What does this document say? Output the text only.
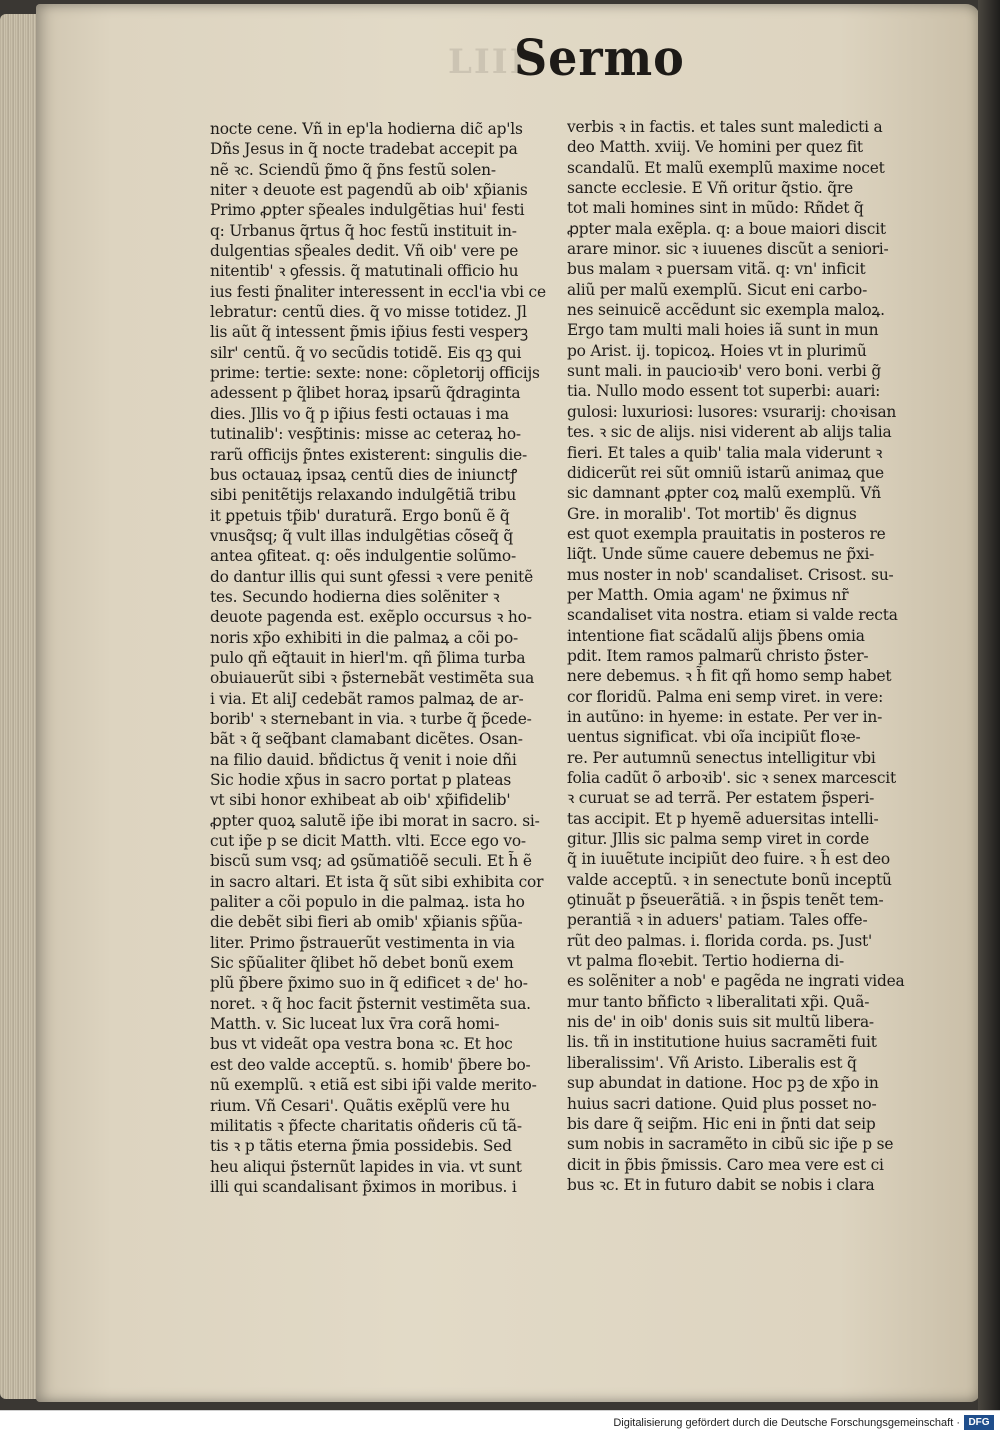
LIII
Sermo
nocte cene. Vñ in ep'la hodierna dic̃ ap'ls
Dñs Jesus in q̃ nocte tradebat accepit pa
nẽ ꝛc. Sciendũ p̃mo q̃ p̃ns festũ solen-
niter ꝛ deuote est pagendũ ab oib' xp̃ianis
Primo ꝓpter sp̃eales indulgẽtias hui' festi
q: Urbanus q̃rtus q̃ hoc festũ instituit in-
dulgentias sp̃eales dedit. Vñ oib' vere pe
nitentib' ꝛ ꝯfessis. q̃ matutinali officio hu
ius festi p̃naliter interessent in eccl'ia vbi ce
lebratur: centũ dies. q̃ vo misse totidez. Jl
lis aũt q̃ intessent p̃mis ip̃ius festi vesperꝫ
silr' centũ. q̃ vo secũdis totidẽ. Eis qꝫ qui
prime: tertie: sexte: none: cõpletorij officijs
adessent p q̃libet horaꝝ ipsarũ q̃draginta
dies. Jllis vo q̃ p ip̃ius festi octauas i ma
tutinalib': vesp̃tinis: misse ac ceteraꝝ ho-
rarũ officijs p̃ntes existerent: singulis die-
bus octauaꝝ ipsaꝝ centũ dies de iniunctꝭ
sibi penitẽtijs relaxando indulgẽtiã tribu
it ꝑpetuis tp̃ib' duraturã. Ergo bonũ ẽ q̃
vnusq̃sq; q̃ vult illas indulgẽtias cõseq̃ q̃
antea ꝯfiteat. q: oẽs indulgentie solũmo-
do dantur illis qui sunt ꝯfessi ꝛ vere penitẽ
tes. Secundo hodierna dies solẽniter ꝛ
deuote pagenda est. exẽplo occursus ꝛ ho-
noris xp̃o exhibiti in die palmaꝝ a cõi po-
pulo qñ eq̃tauit in hierl'm. qñ p̃lima turba
obuiauerũt sibi ꝛ p̃sternebãt vestimẽta sua
i via. Et aliJ cedebãt ramos palmaꝝ de ar-
borib' ꝛ sternebant in via. ꝛ turbe q̃ p̃cede-
bãt ꝛ q̃ seq̃bant clamabant dicẽtes. Osan-
na filio dauid. bñdictus q̃ venit i noie dñi
Sic hodie xp̃us in sacro portat p plateas
vt sibi honor exhibeat ab oib' xp̃ifidelib'
ꝓpter quoꝝ salutẽ ip̃e ibi morat in sacro. si-
cut ip̃e p se dicit Matth. vlti. Ecce ego vo-
biscũ sum vsq; ad ꝯsũmatiõẽ seculi. Et h̃ ẽ
in sacro altari. Et ista q̃ sũt sibi exhibita cor
paliter a cõi populo in die palmaꝝ. ista ho
die debẽt sibi fieri ab omib' xp̃ianis sp̃ũa-
liter. Primo p̃strauerũt vestimenta in via
Sic sp̃ũaliter q̃libet hõ debet bonũ exem
plũ p̃bere p̃ximo suo in q̃ edificet ꝛ de' ho-
noret. ꝛ q̃ hoc facit p̃sternit vestimẽta sua.
Matth. v. Sic luceat lux v̄ra corã homi-
bus vt videãt opa vestra bona ꝛc. Et hoc
est deo valde acceptũ. s. homib' p̃bere bo-
nũ exemplũ. ꝛ etiã est sibi ip̃i valde merito-
rium. Vñ Cesari'. Quãtis exẽplũ vere hu
militatis ꝛ p̃fecte charitatis oñderis cũ tã-
tis ꝛ p tãtis eterna p̃mia possidebis. Sed
heu aliqui p̃sternũt lapides in via. vt sunt
illi qui scandalisant p̃ximos in moribus. i
verbis ꝛ in factis. et tales sunt maledicti a
deo Matth. xviij. Ve homini per quez fit
scandalũ. Et malũ exemplũ maxime nocet
sancte ecclesie. E Vñ oritur q̃stio. q̃re
tot mali homines sint in mũdo: Rñdet q̃
ꝓpter mala exẽpla. q: a boue maiori discit
arare minor. sic ꝛ iuuenes discũt a seniori-
bus malam ꝛ puersam vitã. q: vn' inficit
aliũ per malũ exemplũ. Sicut eni carbo-
nes seinuicẽ accẽdunt sic exempla maloꝝ.
Ergo tam multi mali hoies iã sunt in mun
po Arist. ij. topicoꝝ. Hoies vt in plurimũ
sunt mali. in paucioꝛib' vero boni. verbi g̃
tia. Nullo modo essent tot superbi: auari:
gulosi: luxuriosi: lusores: vsurarij: choꝛisan
tes. ꝛ sic de alijs. nisi viderent ab alijs talia
fieri. Et tales a quib' talia mala viderunt ꝛ
didicerũt rei sũt omniũ istarũ animaꝝ que
sic damnant ꝓpter coꝝ malũ exemplũ. Vñ
Gre. in moralib'. Tot mortib' ẽs dignus
est quot exempla prauitatis in posteros re
liq̃t. Unde sũme cauere debemus ne p̃xi-
mus noster in nob' scandaliset. Crisost. su-
per Matth. Omia agam' ne p̃ximus nr̃
scandaliset vita nostra. etiam si valde recta
intentione fiat scãdalũ alijs p̃bens omia
pdit. Item ramos palmarũ christo p̃ster-
nere debemus. ꝛ h̃ fit qñ homo semp habet
cor floridũ. Palma eni semp viret. in vere:
in autũno: in hyeme: in estate. Per ver in-
uentus significat. vbi oĩa incipiũt floꝛe-
re. Per autumnũ senectus intelligitur vbi
folia cadũt õ arboꝛib'. sic ꝛ senex marcescit
ꝛ curuat se ad terrã. Per estatem p̃speri-
tas accipit. Et p hyemẽ aduersitas intelli-
gitur. Jllis sic palma semp viret in corde
q̃ in iuuẽtute incipiũt deo fuire. ꝛ h̃ est deo
valde acceptũ. ꝛ in senectute bonũ inceptũ
ꝯtinuãt p p̃seuerãtiã. ꝛ in p̃spis tenẽt tem-
perantiã ꝛ in aduers' patiam. Tales offe-
rũt deo palmas. i. florida corda. ps. Just'
vt palma floꝛebit. Tertio hodierna di-
es solẽniter a nob' e pagẽda ne ingrati videa
mur tanto bñficto ꝛ liberalitati xp̃i. Quã-
nis de' in oib' donis suis sit multũ libera-
lis. tñ in institutione huius sacramẽti fuit
liberalissim'. Vñ Aristo. Liberalis est q̃
sup abundat in datione. Hoc pꝫ de xp̃o in
huius sacri datione. Quid plus posset no-
bis dare q̃ seip̃m. Hic eni in p̃nti dat seip
sum nobis in sacramẽto in cibũ sic ip̃e p se
dicit in p̃bis p̃missis. Caro mea vere est ci
bus ꝛc. Et in futuro dabit se nobis i clara
Digitalisierung gefördert durch die Deutsche Forschungsgemeinschaft · DFG
